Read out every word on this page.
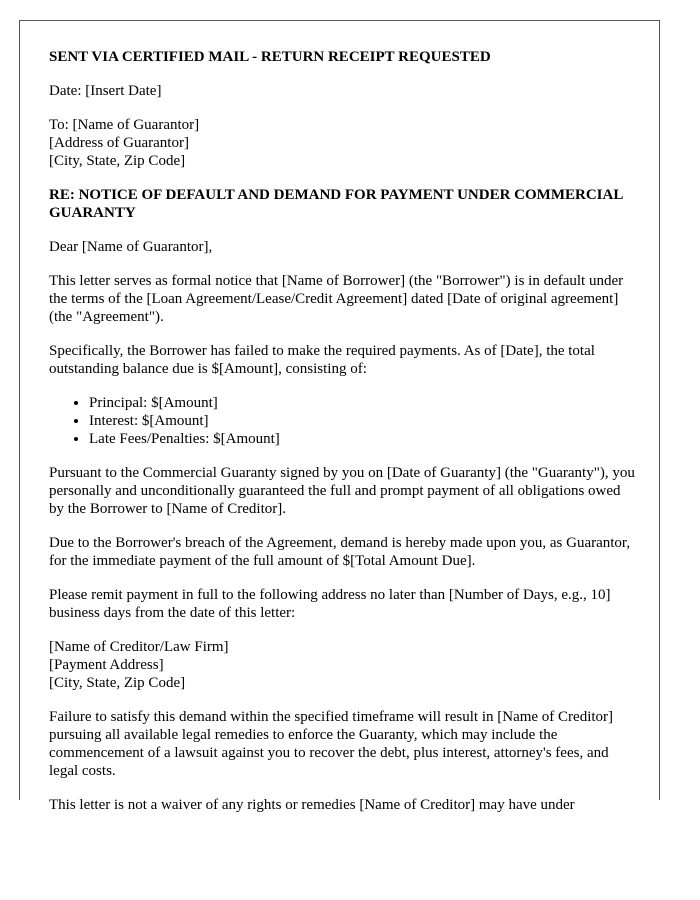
SENT VIA CERTIFIED MAIL - RETURN RECEIPT REQUESTED

Date: [Insert Date]

To: [Name of Guarantor]
[Address of Guarantor]
[City, State, Zip Code]

RE: NOTICE OF DEFAULT AND DEMAND FOR PAYMENT UNDER COMMERCIAL GUARANTY

Dear [Name of Guarantor],

This letter serves as formal notice that [Name of Borrower] (the "Borrower") is in default under the terms of the [Loan Agreement/Lease/Credit Agreement] dated [Date of original agreement] (the "Agreement").

Specifically, the Borrower has failed to make the required payments. As of [Date], the total outstanding balance due is $[Amount], consisting of:

• Principal: $[Amount]
• Interest: $[Amount]
• Late Fees/Penalties: $[Amount]

Pursuant to the Commercial Guaranty signed by you on [Date of Guaranty] (the "Guaranty"), you personally and unconditionally guaranteed the full and prompt payment of all obligations owed by the Borrower to [Name of Creditor].

Due to the Borrower's breach of the Agreement, demand is hereby made upon you, as Guarantor, for the immediate payment of the full amount of $[Total Amount Due].

Please remit payment in full to the following address no later than [Number of Days, e.g., 10] business days from the date of this letter:

[Name of Creditor/Law Firm]
[Payment Address]
[City, State, Zip Code]

Failure to satisfy this demand within the specified timeframe will result in [Name of Creditor] pursuing all available legal remedies to enforce the Guaranty, which may include the commencement of a lawsuit against you to recover the debt, plus interest, attorney's fees, and legal costs.

This letter is not a waiver of any rights or remedies [Name of Creditor] may have under
